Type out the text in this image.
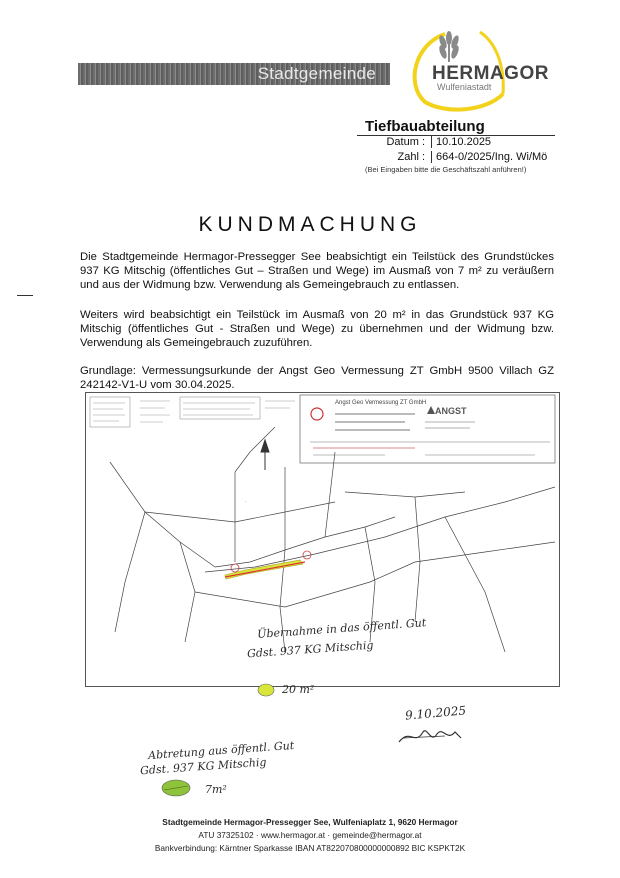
Stadtgemeinde	HERMAGOR
Wulfeniastadt
Tiefbauabteilung
Datum :	10.10.2025
Zahl :	664-0/2025/Ing. Wi/Mö
(Bei Eingaben bitte die Geschäftszahl anführen!)
KUNDMACHUNG

Die Stadtgemeinde Hermagor-Pressegger See beabsichtigt ein Teilstück des Grundstückes 937 KG Mitschig (öffentliches Gut – Straßen und Wege) im Ausmaß von 7 m² zu veräußern und aus der Widmung bzw. Verwendung als Gemeingebrauch zu entlassen.

Weiters wird beabsichtigt ein Teilstück im Ausmaß von 20 m² in das Grundstück 937 KG Mitschig (öffentliches Gut - Straßen und Wege) zu übernehmen und der Widmung bzw. Verwendung als Gemeingebrauch zuzuführen.

Grundlage: Vermessungsurkunde der Angst Geo Vermessung ZT GmbH 9500 Villach GZ 242142-V1-U vom 30.04.2025.

Angst Geo Vermessung ZT GmbH
ANGST
.
Übernahme in das öffentl. Gut
Gdst. 937 KG Mitschig
20 m²
9.10.2025
Abtretung aus öffentl. Gut
Gdst. 937 KG Mitschig
7m²
Stadtgemeinde Hermagor-Pressegger See, Wulfeniaplatz 1, 9620 Hermagor
ATU 37325102 · www.hermagor.at · gemeinde@hermagor.at
Bankverbindung: Kärntner Sparkasse IBAN AT822070800000000892 BIC KSPKT2K
